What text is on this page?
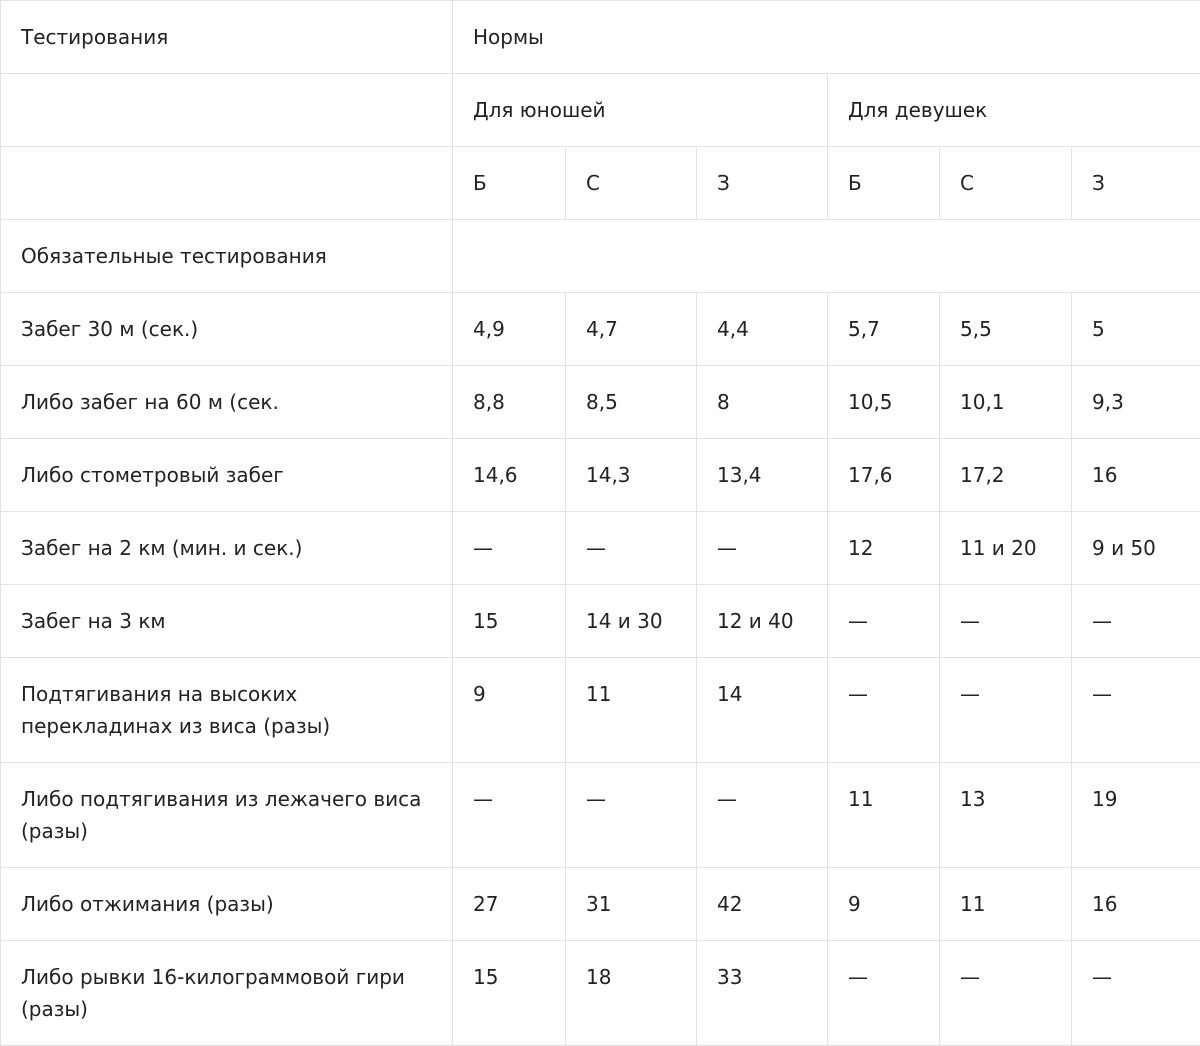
Тестирования	Нормы					
	Для юношей			Для девушек		
	Б	С	З	Б	С	З
Обязательные тестирования						
Забег 30 м (сек.)	4,9	4,7	4,4	5,7	5,5	5
Либо забег на 60 м (сек.	8,8	8,5	8	10,5	10,1	9,3
Либо стометровый забег	14,6	14,3	13,4	17,6	17,2	16
Забег на 2 км (мин. и сек.)	—	—	—	12	11 и 20	9 и 50
Забег на 3 км	15	14 и 30	12 и 40	—	—	—
Подтягивания на высоких перекладинах из виса (разы)	9	11	14	—	—	—
Либо подтягивания из лежачего виса (разы)	—	—	—	11	13	19
Либо отжимания (разы)	27	31	42	9	11	16
Либо рывки 16-килограммовой гири (разы)	15	18	33	—	—	—
